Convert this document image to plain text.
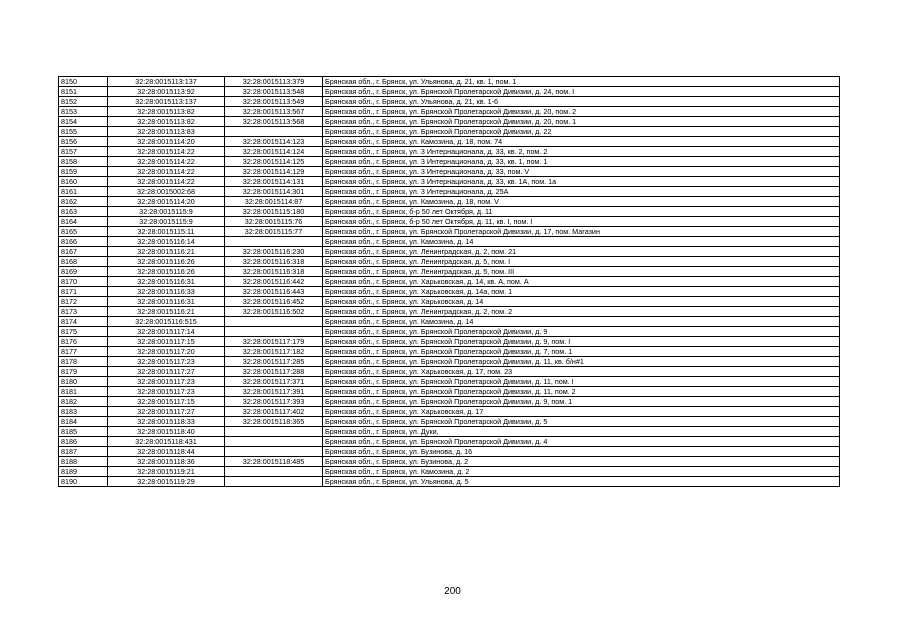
8150	32:28:0015113:137	32:28:0015113:379	Брянская обл., г. Брянск, ул. Ульянова, д. 21, кв. 1, пом. 1
8151	32:28:0015113:92	32:28:0015113:548	Брянская обл., г. Брянск, ул. Брянской Пролетарской Дивизии, д. 24, пом. I
8152	32:28:0015113:137	32:28:0015113:549	Брянская обл., г. Брянск, ул. Ульянова, д. 21, кв. 1-6
8153	32:28:0015113:82	32:28:0015113:567	Брянская обл., г. Брянск, ул. Брянской Пролетарской Дивизии, д. 20, пом. 2
8154	32:28:0015113:82	32:28:0015113:568	Брянская обл., г. Брянск, ул. Брянской Пролетарской Дивизии, д. 20, пом. 1
8155	32:28:0015113:83		Брянская обл., г. Брянск, ул. Брянской Пролетарской Дивизии, д. 22
8156	32:28:0015114:20	32:28:0015114:123	Брянская обл., г. Брянск, ул. Камозина, д. 18, пом. 74
8157	32:28:0015114:22	32:28:0015114:124	Брянская обл., г. Брянск, ул. 3 Интернационала, д. 33, кв. 2, пом. 2
8158	32:28:0015114:22	32:28:0015114:125	Брянская обл., г. Брянск, ул. 3 Интернационала, д. 33, кв. 1, пом. 1
8159	32:28:0015114:22	32:28:0015114:129	Брянская обл., г. Брянск, ул. 3 Интернационала, д. 33, пом. V
8160	32:28:0015114:22	32:28:0015114:131	Брянская обл., г. Брянск, ул. 3 Интернационала, д. 33, кв. 1А, пом. 1а
8161	32:28:0015002:68	32:28:0015114:301	Брянская обл., г. Брянск, ул. 3 Интернационала, д. 25А
8162	32:28:0015114:20	32:28:0015114:87	Брянская обл., г. Брянск, ул. Камозина, д. 18, пом. V
8163	32:28:0015115:9	32:28:0015115:180	Брянская обл., г. Брянск, б-р 50 лет Октября, д. 11
8164	32:28:0015115:9	32:28:0015115:76	Брянская обл., г. Брянск, б-р 50 лет Октября, д. 11, кв. I, пом. I
8165	32:28:0015115:11	32:28:0015115:77	Брянская обл., г. Брянск, ул. Брянской Пролетарской Дивизии, д. 17, пом. Магазин
8166	32:28:0015116:14		Брянская обл., г. Брянск, ул. Камозина, д. 14
8167	32:28:0015116:21	32:28:0015116:230	Брянская обл., г. Брянск, ул. Ленинградская, д. 2, пом. 21
8168	32:28:0015116:26	32:28:0015116:318	Брянская обл., г. Брянск, ул. Ленинградская, д. 5, пом. I
8169	32:28:0015116:26	32:28:0015116:318	Брянская обл., г. Брянск, ул. Ленинградская, д. 5, пом. III
8170	32:28:0015116:31	32:28:0015116:442	Брянская обл., г. Брянск, ул. Харьковская, д. 14, кв. А, пом. А
8171	32:28:0015116:33	32:28:0015116:443	Брянская обл., г. Брянск, ул. Харьковская, д. 14а, пом. 1
8172	32:28:0015116:31	32:28:0015116:452	Брянская обл., г. Брянск, ул. Харьковская, д. 14
8173	32:28:0015116:21	32:28:0015116:502	Брянская обл., г. Брянск, ул. Ленинградская, д. 2, пом. 2
8174	32:28:0015116:515		Брянская обл., г. Брянск, ул. Камозина, д. 14
8175	32:28:0015117:14		Брянская обл., г. Брянск, ул. Брянской Пролетарской Дивизии, д. 9
8176	32:28:0015117:15	32:28:0015117:179	Брянская обл., г. Брянск, ул. Брянской Пролетарской Дивизии, д. 9, пом. I
8177	32:28:0015117:20	32:28:0015117:182	Брянская обл., г. Брянск, ул. Брянской Пролетарской Дивизии, д. 7, пом. 1
8178	32:28:0015117:23	32:28:0015117:285	Брянская обл., г. Брянск, ул. Брянской Пролетарской Дивизии, д. 11, кв. б/н#1
8179	32:28:0015117:27	32:28:0015117:288	Брянская обл., г. Брянск, ул. Харьковская, д. 17, пом. 23
8180	32:28:0015117:23	32:28:0015117:371	Брянская обл., г. Брянск, ул. Брянской Пролетарской Дивизии, д. 11, пом. I
8181	32:28:0015117:23	32:28:0015117:391	Брянская обл., г. Брянск, ул. Брянской Пролетарской Дивизии, д. 11, пом. 2
8182	32:28:0015117:15	32:28:0015117:393	Брянская обл., г. Брянск, ул. Брянской Пролетарской Дивизии, д. 9, пом. 1
8183	32:28:0015117:27	32:28:0015117:402	Брянская обл., г. Брянск, ул. Харьковская, д. 17
8184	32:28:0015118:33	32:28:0015118:365	Брянская обл., г. Брянск, ул. Брянской Пролетарской Дивизии, д. 5
8185	32:28:0015118:40		Брянская обл., г. Брянск, ул. Дуки,
8186	32:28:0015118:431		Брянская обл., г. Брянск, ул. Брянской Пролетарской Дивизии, д. 4
8187	32:28:0015118:44		Брянская обл., г. Брянск, ул. Бузинова, д. 16
8188	32:28:0015118:36	32:28:0015118:485	Брянская обл., г. Брянск, ул. Бузинова, д. 2
8189	32:28:0015119:21		Брянская обл., г. Брянск, ул. Камозина, д. 2
8190	32:28:0015119:29		Брянская обл., г. Брянск, ул. Ульянова, д. 5
200
